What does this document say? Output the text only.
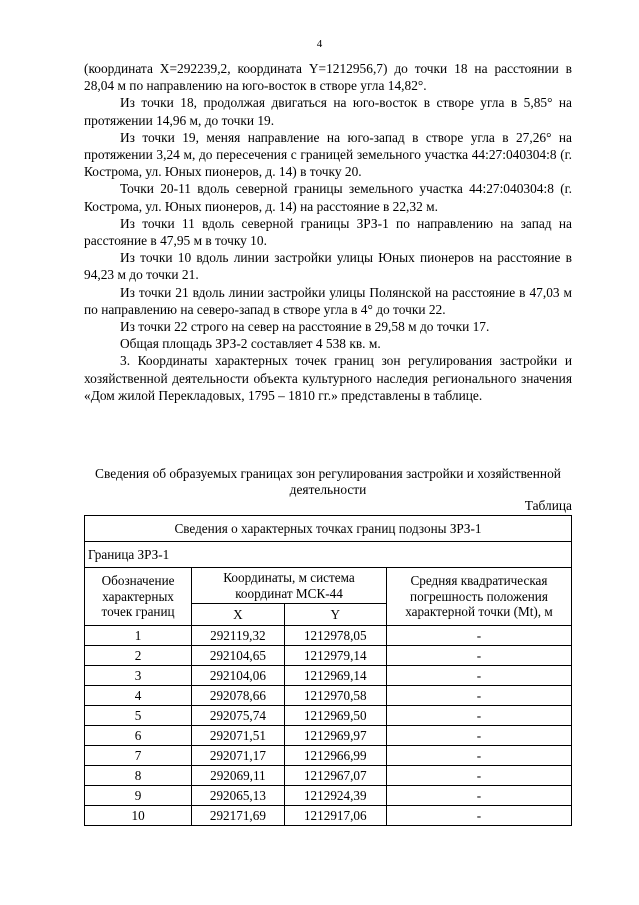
4

(координата Х=292239,2, координата Y=1212956,7) до точки 18 на расстоянии в 28,04 м по направлению на юго-восток в створе угла 14,82°.

Из точки 18, продолжая двигаться на юго-восток в створе угла в 5,85° на протяжении 14,96 м, до точки 19.

Из точки 19, меняя направление на юго-запад в створе угла в 27,26° на протяжении 3,24 м, до пересечения с границей земельного участка 44:27:040304:8 (г. Кострома, ул. Юных пионеров, д. 14) в точку 20.

Точки 20-11 вдоль северной границы земельного участка 44:27:040304:8 (г. Кострома, ул. Юных пионеров, д. 14) на расстояние в 22,32 м.

Из точки 11 вдоль северной границы ЗРЗ-1 по направлению на запад на расстояние в 47,95 м в точку 10.

Из точки 10 вдоль линии застройки улицы Юных пионеров на расстояние в 94,23 м до точки 21.

Из точки 21 вдоль линии застройки улицы Полянской на расстояние в 47,03 м по направлению на северо-запад в створе угла в 4° до точки 22.

Из точки 22 строго на север на расстояние в 29,58 м до точки 17.

Общая площадь ЗРЗ-2 составляет 4 538 кв. м.

3. Координаты характерных точек границ зон регулирования застройки и хозяйственной деятельности объекта культурного наследия регионального значения «Дом жилой Перекладовых, 1795 – 1810 гг.» представлены в таблице.

Сведения об образуемых границах зон регулирования застройки и хозяйственной деятельности
Таблица
Сведения о характерных точках границ подзоны ЗРЗ-1			
Граница ЗРЗ-1			
Обозначение характерных точек границ	Координаты, м система координат МСК-44		Средняя квадратическая погрешность положения характерной точки (Mt), м
	X	Y	
1	292119,32	1212978,05	-
2	292104,65	1212979,14	-
3	292104,06	1212969,14	-
4	292078,66	1212970,58	-
5	292075,74	1212969,50	-
6	292071,51	1212969,97	-
7	292071,17	1212966,99	-
8	292069,11	1212967,07	-
9	292065,13	1212924,39	-
10	292171,69	1212917,06	-
